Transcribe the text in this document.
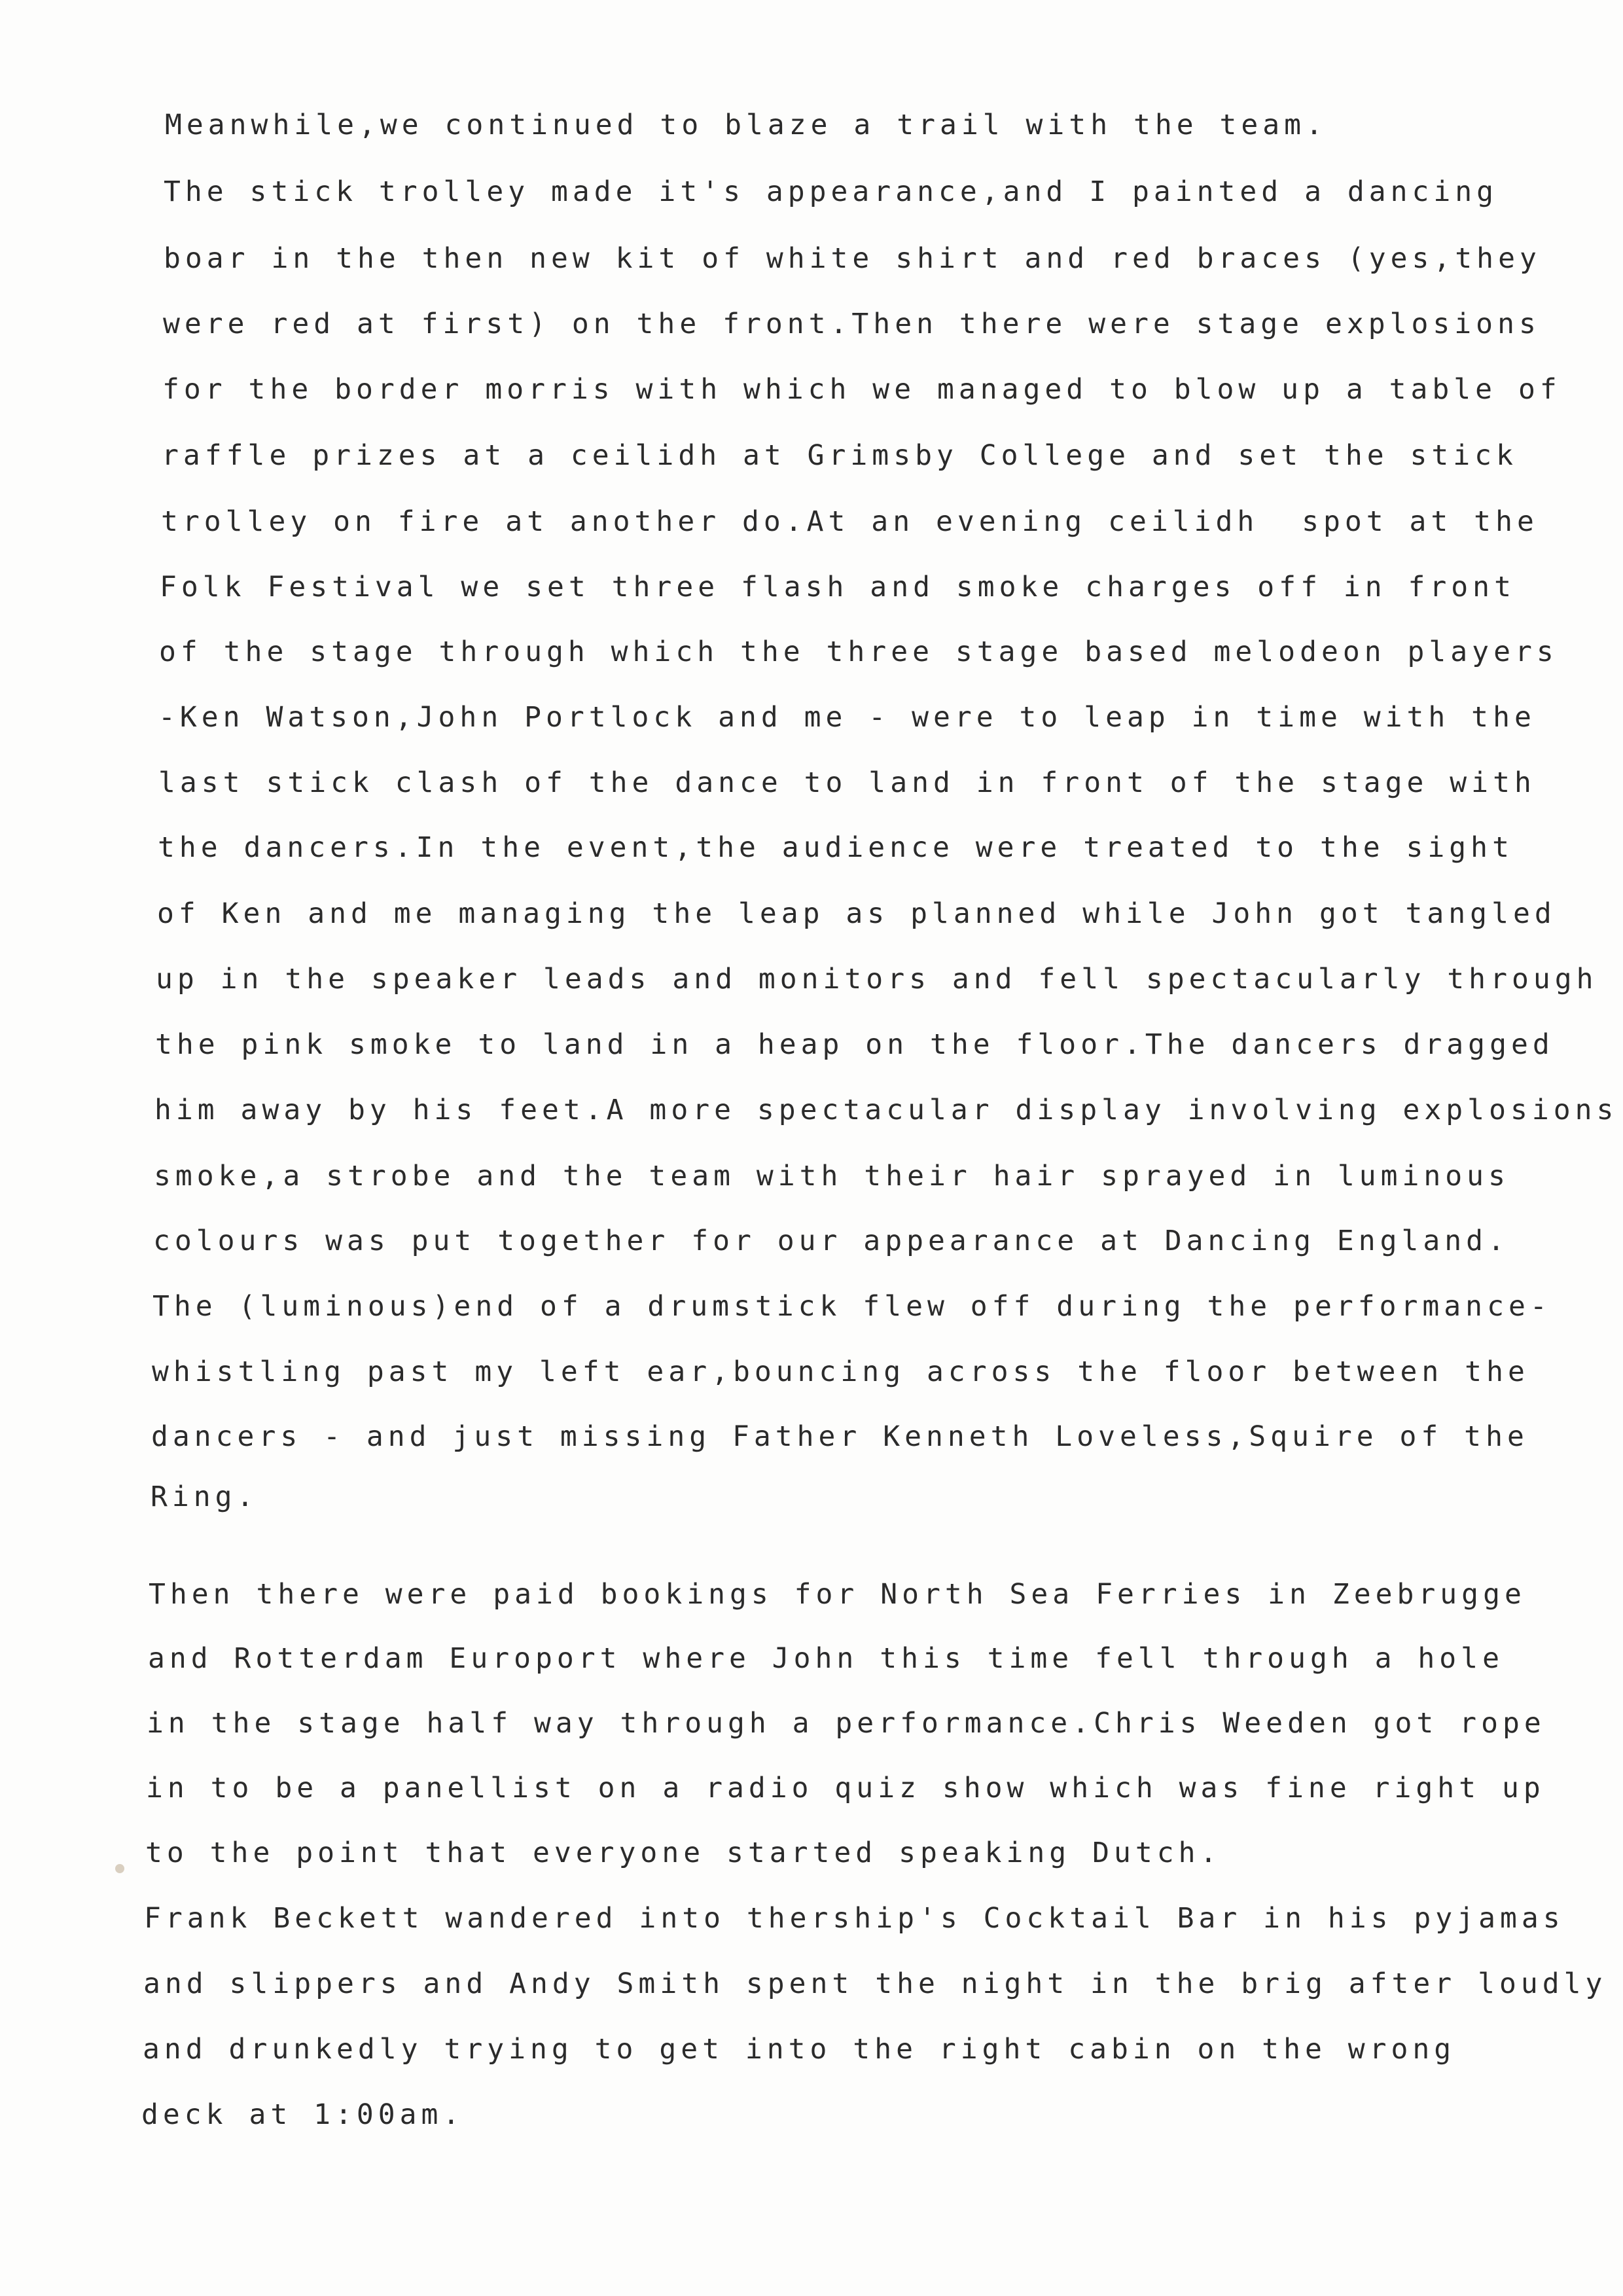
Meanwhile,we continued to blaze a trail with the team.
The stick trolley made it's appearance,and I painted a dancing
boar in the then new kit of white shirt and red braces (yes,they
were red at first) on the front.Then there were stage explosions
for the border morris with which we managed to blow up a table of
raffle prizes at a ceilidh at Grimsby College and set the stick
trolley on fire at another do.At an evening ceilidh  spot at the
Folk Festival we set three flash and smoke charges off in front
of the stage through which the three stage based melodeon players
-Ken Watson,John Portlock and me - were to leap in time with the
last stick clash of the dance to land in front of the stage with
the dancers.In the event,the audience were treated to the sight
of Ken and me managing the leap as planned while John got tangled
up in the speaker leads and monitors and fell spectacularly through
the pink smoke to land in a heap on the floor.The dancers dragged
him away by his feet.A more spectacular display involving explosions
smoke,a strobe and the team with their hair sprayed in luminous
colours was put together for our appearance at Dancing England.
The (luminous)end of a drumstick flew off during the performance-
whistling past my left ear,bouncing across the floor between the
dancers - and just missing Father Kenneth Loveless,Squire of the
Ring.
Then there were paid bookings for North Sea Ferries in Zeebrugge
and Rotterdam Europort where John this time fell through a hole
in the stage half way through a performance.Chris Weeden got rope
in to be a panellist on a radio quiz show which was fine right up
to the point that everyone started speaking Dutch.
Frank Beckett wandered into thership's Cocktail Bar in his pyjamas
and slippers and Andy Smith spent the night in the brig after loudly
and drunkedly trying to get into the right cabin on the wrong
deck at 1:00am.
